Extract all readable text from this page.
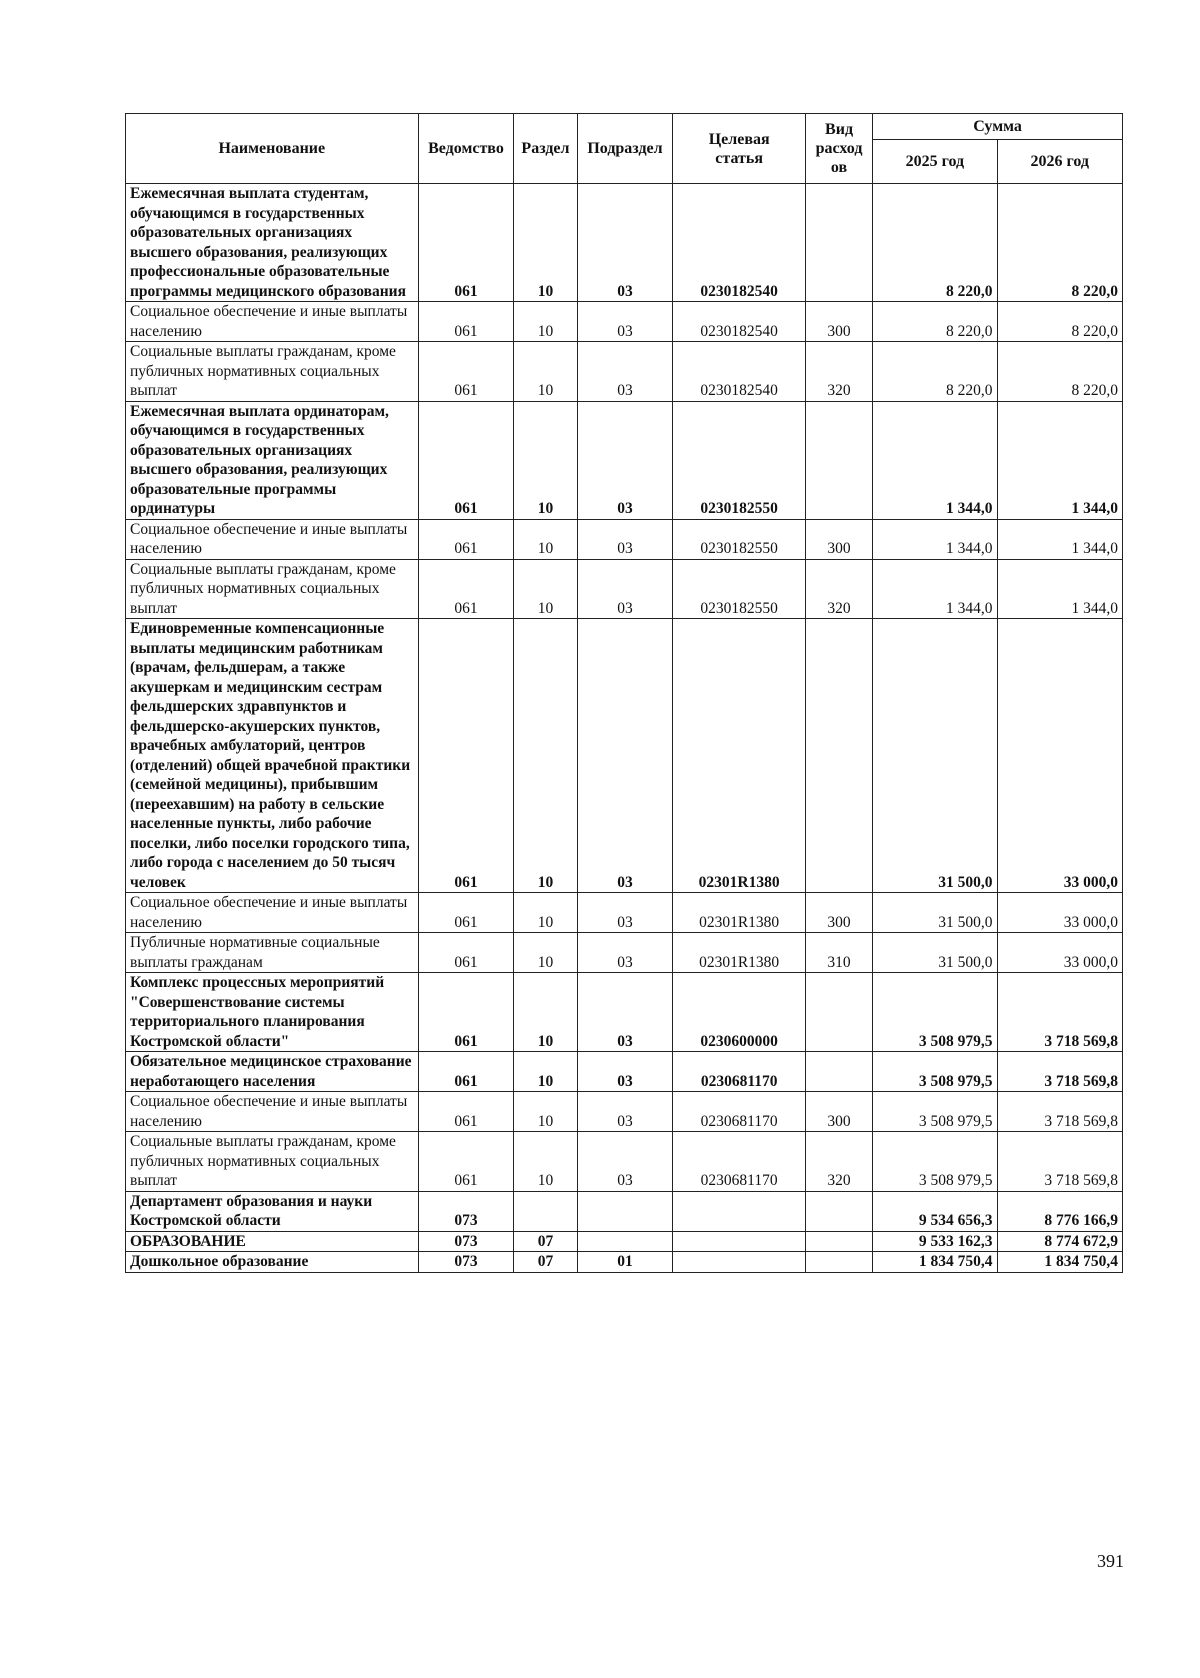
Наименование	Ведомство	Раздел	Подраздел	Целевая статья	Вид расход ов	Сумма	
						2025 год	2026 год
Ежемесячная выплата студентам, обучающимся в государственных образовательных организациях высшего образования, реализующих профессиональные образовательные программы медицинского образования	061	10	03	0230182540		8 220,0	8 220,0
Социальное обеспечение и иные выплаты населению	061	10	03	0230182540	300	8 220,0	8 220,0
Социальные выплаты гражданам, кроме публичных нормативных социальных выплат	061	10	03	0230182540	320	8 220,0	8 220,0
Ежемесячная выплата ординаторам, обучающимся в государственных образовательных организациях высшего образования, реализующих образовательные программы ординатуры	061	10	03	0230182550		1 344,0	1 344,0
Социальное обеспечение и иные выплаты населению	061	10	03	0230182550	300	1 344,0	1 344,0
Социальные выплаты гражданам, кроме публичных нормативных социальных выплат	061	10	03	0230182550	320	1 344,0	1 344,0
Единовременные компенсационные выплаты медицинским работникам (врачам, фельдшерам, а также акушеркам и медицинским сестрам фельдшерских здравпунктов и фельдшерско-акушерских пунктов, врачебных амбулаторий, центров (отделений) общей врачебной практики (семейной медицины), прибывшим (переехавшим) на работу в сельские населенные пункты, либо рабочие поселки, либо поселки городского типа, либо города с населением до 50 тысяч человек	061	10	03	02301R1380		31 500,0	33 000,0
Социальное обеспечение и иные выплаты населению	061	10	03	02301R1380	300	31 500,0	33 000,0
Публичные нормативные социальные выплаты гражданам	061	10	03	02301R1380	310	31 500,0	33 000,0
Комплекс процессных мероприятий "Совершенствование системы территориального планирования Костромской области"	061	10	03	0230600000		3 508 979,5	3 718 569,8
Обязательное медицинское страхование неработающего населения	061	10	03	0230681170		3 508 979,5	3 718 569,8
Социальное обеспечение и иные выплаты населению	061	10	03	0230681170	300	3 508 979,5	3 718 569,8
Социальные выплаты гражданам, кроме публичных нормативных социальных выплат	061	10	03	0230681170	320	3 508 979,5	3 718 569,8
Департамент образования и науки Костромской области	073					9 534 656,3	8 776 166,9
ОБРАЗОВАНИЕ	073	07				9 533 162,3	8 774 672,9
Дошкольное образование	073	07	01			1 834 750,4	1 834 750,4
391
